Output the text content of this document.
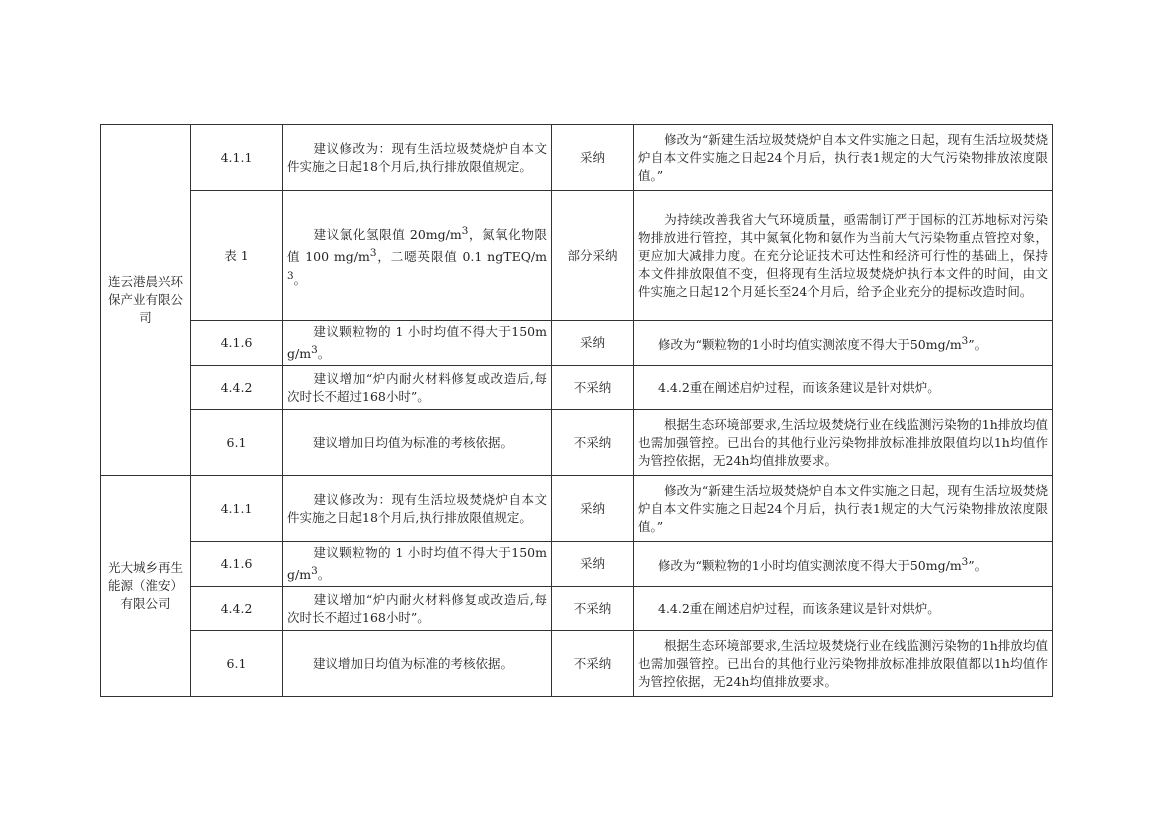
连云港晨兴环保产业有限公司	4.1.1	建议修改为：现有生活垃圾焚烧炉自本文件实施之日起18个月后,执行排放限值规定。	采纳	修改为“新建生活垃圾焚烧炉自本文件实施之日起，现有生活垃圾焚烧炉自本文件实施之日起24个月后，执行表1规定的大气污染物排放浓度限值。”
	表 1	建议氯化氢限值 $20mg/m^3$，氮氧化物限值 100 $mg/m^3$，二噁英限值 0.1 ngTEQ/$m^3$。	部分采纳	为持续改善我省大气环境质量，亟需制订严于国标的江苏地标对污染物排放进行管控，其中氮氧化物和氨作为当前大气污染物重点管控对象，更应加大减排力度。在充分论证技术可达性和经济可行性的基础上，保持本文件排放限值不变，但将现有生活垃圾焚烧炉执行本文件的时间，由文件实施之日起12个月延长至24个月后，给予企业充分的提标改造时间。
	4.1.6	建议颗粒物的 1 小时均值不得大于$150mg/m^3$。	采纳	修改为“颗粒物的1小时均值实测浓度不得大于$50mg/m^3$”。
	4.4.2	建议增加“炉内耐火材料修复或改造后,每次时长不超过168小时”。	不采纳	4.4.2重在阐述启炉过程，而该条建议是针对烘炉。
	6.1	建议增加日均值为标准的考核依据。	不采纳	根据生态环境部要求,生活垃圾焚烧行业在线监测污染物的1h排放均值也需加强管控。已出台的其他行业污染物排放标准排放限值均以1h均值作为管控依据，无24h均值排放要求。
光大城乡再生能源（淮安）有限公司	4.1.1	建议修改为：现有生活垃圾焚烧炉自本文件实施之日起18个月后,执行排放限值规定。	采纳	修改为“新建生活垃圾焚烧炉自本文件实施之日起，现有生活垃圾焚烧炉自本文件实施之日起24个月后，执行表1规定的大气污染物排放浓度限值。”
	4.1.6	建议颗粒物的 1 小时均值不得大于$150mg/m^3$。	采纳	修改为“颗粒物的1小时均值实测浓度不得大于$50mg/m^3$”。
	4.4.2	建议增加“炉内耐火材料修复或改造后,每次时长不超过168小时”。	不采纳	4.4.2重在阐述启炉过程，而该条建议是针对烘炉。
	6.1	建议增加日均值为标准的考核依据。	不采纳	根据生态环境部要求,生活垃圾焚烧行业在线监测污染物的1h排放均值也需加强管控。已出台的其他行业污染物排放标准排放限值都以1h均值作为管控依据，无24h均值排放要求。
